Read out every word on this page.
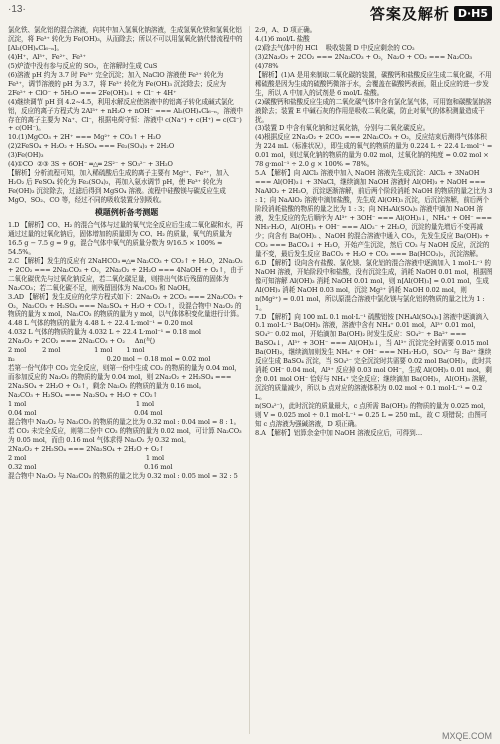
·13·	答案及解析 D·H5

氯化铁、氯化铝的混合溶液，向其中加入氢氧化钠溶液，生成氢氧化铁和氢氧化铝沉淀，将 Fe³⁺ 转化为 Fe(OH)₃，从而除去；所以不可以用氢氧化钠代替流程中的 [Al₂(OH)ₙCl₆₋ₙ]。

(4)H⁺、Al³⁺、Fe²⁺、Fe³⁺

(5)炉渣中没有参与反应的 SO₂，在溶解时生成 CuS

(6)溶液 pH 约为 3.7 时 Fe³⁺ 完全沉淀；加入 NaClO 溶液使 Fe²⁺ 转化为 Fe³⁺，调节溶液的 pH 为 3.7，将 Fe³⁺ 转化为 Fe(OH)₃ 沉淀除去；反应为 2Fe²⁺ + ClO⁻ + 5H₂O === 2Fe(OH)₃↓ + Cl⁻ + 4H⁺

(4)继续调节 pH 到 4.2~4.5，利用水解反应使溶液中的铝离子转化成碱式氯化铝，反应的离子方程式为 2Al³⁺ + nH₂O + nOH⁻ === Al₂(OH)ₙCl₆₋ₙ，溶液中存在的离子主要为 Na⁺、Cl⁻，根据电荷守恒：溶液中 c(Na⁺) + c(H⁺) = c(Cl⁻) + c(OH⁻)。

10.(1)MgCO₃ + 2H⁺ === Mg²⁺ + CO₂↑ + H₂O

(2)2FeSO₄ + H₂O₂ + H₂SO₄ === Fe₂(SO₄)₃ + 2H₂O

(3)Fe(OH)₃

(4)①CO  ②③ 3S + 6OH⁻ ═△═ 2S²⁻ + SO₃²⁻ + 3H₂O

【解析】分析流程可知，加入稀硫酸后生成的离子主要有 Mg²⁺、Fe²⁺，加入 H₂O₂ 后 FeSO₄ 转化为 Fe₂(SO₄)₃，再加入氨水调节 pH，使 Fe³⁺ 转化为 Fe(OH)₃ 沉淀除去，过滤后得到 MgSO₄ 溶液。流程中硅酸镁与碳反应生成 MgO、SO₂、CO 等，经过不同的吸收装置分别吸收。

模题例析备考测题

1.D 【解析】CO、H₂ 的混合气体与过量的氧气完全反应后生成二氧化碳和水，再通过过量的过氧化钠后，固体增加的质量即为 CO、H₂ 的质量，氧气的质量为 16.5 g − 7.5 g = 9 g，混合气体中氧气的质量分数为 9/16.5 × 100% ≈ 54.5%。

2.C 【解析】发生的反应有 2NaHCO₃ ═△═ Na₂CO₃ + CO₂↑ + H₂O，2Na₂O₂ + 2CO₂ === 2Na₂CO₃ + O₂，2Na₂O₂ + 2H₂O === 4NaOH + O₂↑，由于二氧化碳优先与过氧化钠反应，若二氧化碳足量，则排出气体后残留的固体为 Na₂CO₃；若二氧化碳不足，则残留固体为 Na₂CO₃ 和 NaOH。

3.AD 【解析】发生反应的化学方程式如下：2Na₂O₂ + 2CO₂ === 2Na₂CO₃ + O₂，Na₂CO₃ + H₂SO₄ === Na₂SO₄ + H₂O + CO₂↑，设混合物中 Na₂O₂ 的物质的量为 x mol，Na₂CO₃ 的物质的量为 y mol，以气体体积变化量进行计算。

4.48 L 气体的物质的量为 4.48 L ÷ 22.4 L·mol⁻¹ = 0.20 mol

4.032 L 气体的物质的量为 4.032 L ÷ 22.4 L·mol⁻¹ = 0.18 mol

2Na₂O₂ + 2CO₂ === 2Na₂CO₃ + O₂     Δn(气)
2 mol        2 mol                 1 mol       1 mol
n₂                                              0.20 mol − 0.18 mol = 0.02 mol

若第一份气体中 CO₂ 完全反应，则第一份中生成 CO₂ 的物质的量为 0.04 mol，而参加反应的 Na₂O₂ 的物质的量为 0.04 mol，则 2Na₂O₂ + 2H₂SO₄ === 2Na₂SO₄ + 2H₂O + O₂↑，剩余 Na₂O₂ 的物质的量为 0.16 mol。

Na₂CO₃ + H₂SO₄ === Na₂SO₄ + H₂O + CO₂↑
1 mol                                                       1 mol
0.04 mol                                                 0.04 mol

混合物中 Na₂O₂ 与 Na₂CO₃ 的物质的量之比为 0.32 mol : 0.04 mol = 8 : 1。

若 CO₂ 未完全反应，则第二份中 CO₂ 的物质的量为 0.02 mol，可计算 Na₂CO₃ 为 0.05 mol，而由 0.16 mol 气体求得 Na₂O₂ 为 0.32 mol。

2Na₂O₂ + 2H₂SO₄ === 2Na₂SO₄ + 2H₂O + O₂↑
2 mol                                                            1 mol
0.32 mol                                                      0.16 mol

混合物中 Na₂O₂ 与 Na₂CO₃ 的物质的量之比为 0.32 mol : 0.05 mol = 32 : 5

2:9，A、D 项正确。

4.(1)6 mol/L 盐酸

(2)除去气体中的 HCl    吸收装置 D 中反应剩余的 CO₂

(3)2Na₂O₂ + 2CO₂ === 2Na₂CO₃ + O₂，Na₂O + CO₂ === Na₂CO₃

(4)78%

【解析】(1)A 是用来制取二氧化碳的装置，碳酸钙和盐酸反应生成二氧化碳，不用稀硫酸是因为生成的硫酸钙微溶于水，会覆盖在碳酸钙表面，阻止反应的进一步发生，所以 A 中加入的试剂是 6 mol/L 盐酸。

(2)碳酸钙和盐酸反应生成的二氧化碳气体中含有氯化氢气体，可用饱和碳酸氢钠溶液除去；装置 E 中碱石灰的作用是吸收二氧化碳，防止对氧气的体积测量造成干扰。

(3)装置 D 中含有氧化钠和过氧化钠，分别与二氧化碳反应。

(4)根据反应 2Na₂O₂ + 2CO₂ === 2Na₂CO₃ + O₂，反应结束后测得气体体积为 224 mL（标准状况），即生成的氧气的物质的量为 0.224 L ÷ 22.4 L·mol⁻¹ = 0.01 mol，则过氧化钠的物质的量为 0.02 mol，过氧化钠的纯度 = 0.02 mol × 78 g·mol⁻¹ ÷ 2.0 g × 100% = 78%。

5.A 【解析】向 AlCl₃ 溶液中加入 NaOH 溶液先生成沉淀：AlCl₃ + 3NaOH === Al(OH)₃↓ + 3NaCl，继续滴加 NaOH 溶液时 Al(OH)₃ + NaOH === NaAlO₂ + 2H₂O，沉淀逐渐溶解，前后两个阶段消耗 NaOH 的物质的量之比为 3 : 1；向 NaAlO₂ 溶液中滴加盐酸，先生成 Al(OH)₃ 沉淀，后沉淀溶解，前后两个阶段消耗盐酸的物质的量之比为 1 : 3；向 NH₄Al(SO₄)₂ 溶液中滴加 NaOH 溶液，发生反应的先后顺序为 Al³⁺ + 3OH⁻ === Al(OH)₃↓，NH₄⁺ + OH⁻ === NH₃·H₂O，Al(OH)₃ + OH⁻ === AlO₂⁻ + 2H₂O，沉淀的量先增后不变再减少；向含有 Ba(OH)₂ 、NaOH 的混合溶液中通入 CO₂，先发生反应 Ba(OH)₂ + CO₂ === BaCO₃↓ + H₂O，开始产生沉淀，然后 CO₂ 与 NaOH 反应，沉淀的量不变，最后发生反应 BaCO₃ + H₂O + CO₂ === Ba(HCO₃)₂，沉淀溶解。

6.D 【解析】设向含有盐酸、氯化镁、氯化铝的混合溶液中逐滴加入 1 mol·L⁻¹ 的 NaOH 溶液，开始阶段中和盐酸，没有沉淀生成，消耗 NaOH 0.01 mol，根据图像可知溶解 Al(OH)₃ 消耗 NaOH 0.01 mol，则 n[Al(OH)₃] = 0.01 mol，生成 Al(OH)₃ 消耗 NaOH 0.03 mol，沉淀 Mg²⁺ 消耗 NaOH 0.02 mol，则 n(Mg²⁺) = 0.01 mol，所以原混合溶液中氯化镁与氯化铝的物质的量之比为 1 : 1。

7.D 【解析】向 100 mL 0.1 mol·L⁻¹ 硫酸铝铵 [NH₄Al(SO₄)₂] 溶液中逐滴滴入 0.1 mol·L⁻¹ Ba(OH)₂ 溶液，溶液中含有 NH₄⁺ 0.01 mol，Al³⁺ 0.01 mol，SO₄²⁻ 0.02 mol，开始滴加 Ba(OH)₂ 时发生反应：SO₄²⁻ + Ba²⁺ === BaSO₄↓，Al³⁺ + 3OH⁻ === Al(OH)₃↓，当 Al³⁺ 沉淀完全时需要 0.015 mol Ba(OH)₂，继续滴加则发生 NH₄⁺ + OH⁻ === NH₃·H₂O，SO₄²⁻ 与 Ba²⁺ 继续反应生成 BaSO₄ 沉淀，当 SO₄²⁻ 完全沉淀时共需要 0.02 mol Ba(OH)₂，此时共消耗 OH⁻ 0.04 mol，Al³⁺ 反应掉 0.03 mol OH⁻，生成 Al(OH)₃ 0.01 mol，剩余 0.01 mol OH⁻ 恰好与 NH₄⁺ 完全反应；继续滴加 Ba(OH)₂，Al(OH)₃ 溶解，沉淀的质量减少，所以 b 点对应的溶液体积为 0.02 mol ÷ 0.1 mol·L⁻¹ = 0.2 L。

n(SO₄²⁻)，此时沉淀的质量最大，c 点所需 Ba(OH)₂ 的物质的量为 0.025 mol，则 V = 0.025 mol ÷ 0.1 mol·L⁻¹ = 0.25 L = 250 mL，故 C 项错误；由图可知 c 点溶液为强碱溶液，D 项正确。

8.A 【解析】铝算余金中加 NaOH 溶液反应后，可得到…

MXQE.COM
